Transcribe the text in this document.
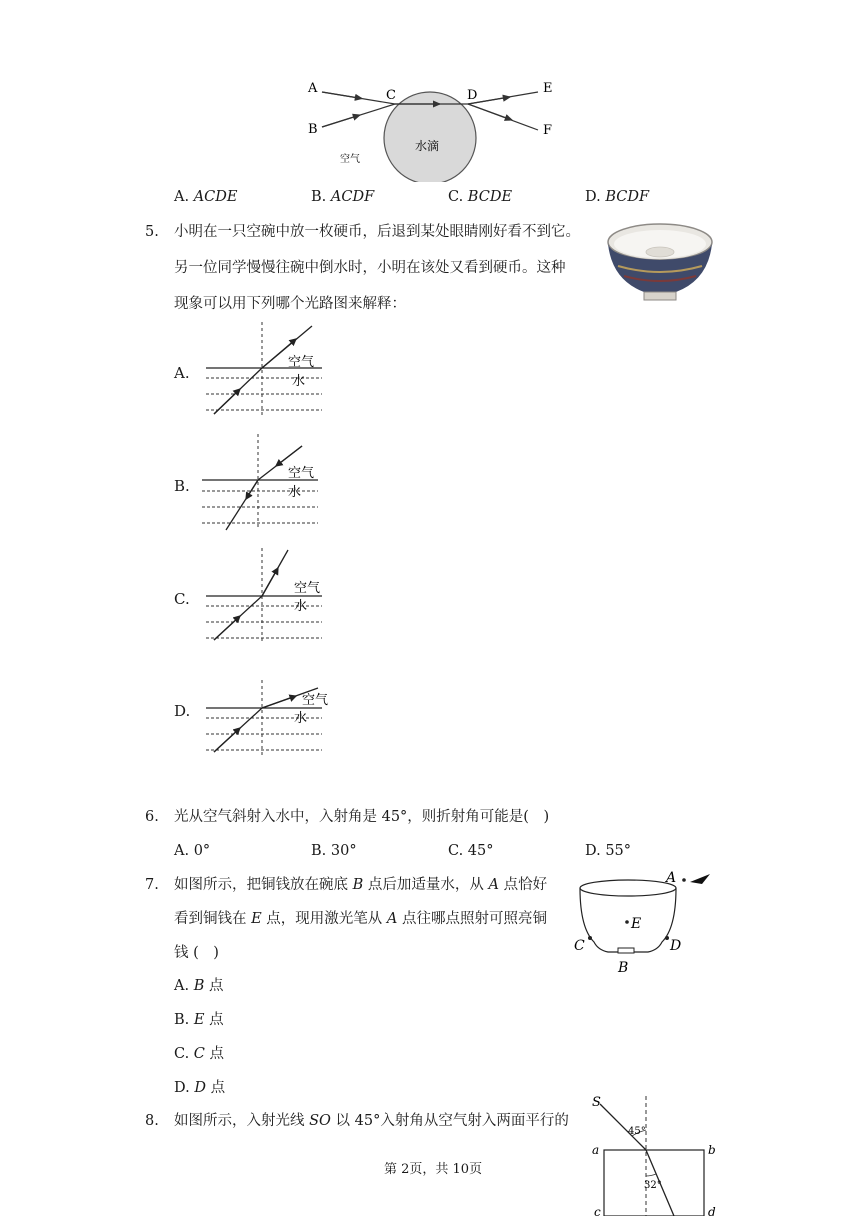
A
B
C	D	E
F
水滴
空气
A. ACDE	B. ACDF	C. BCDE	D. BCDF
5. 小明在一只空碗中放一枚硬币，后退到某处眼睛刚好看不到它。
另一位同学慢慢往碗中倒水时，小明在该处又看到硬币。这种
现象可以用下列哪个光路图来解释：
A.
B.
C.
D.
空气
水
空气
水
空气
水
空气
水
6. 光从空气斜射入水中，入射角是 45°，则折射角可能是(　)
A. 0°	B. 30°	C. 45°	D. 55°
7. 如图所示，把铜钱放在碗底 B 点后加适量水，从 A 点恰好
看到铜钱在 E 点，现用激光笔从 A 点往哪点照射可照亮铜
钱 (　)
A. B 点
B. E 点
C. C 点
D. D 点
A
E
C	D
B
8. 如图所示，入射光线 SO 以 45°入射角从空气射入两面平行的
S
45°
a	b
32°
c	d
第 2页，共 10页
